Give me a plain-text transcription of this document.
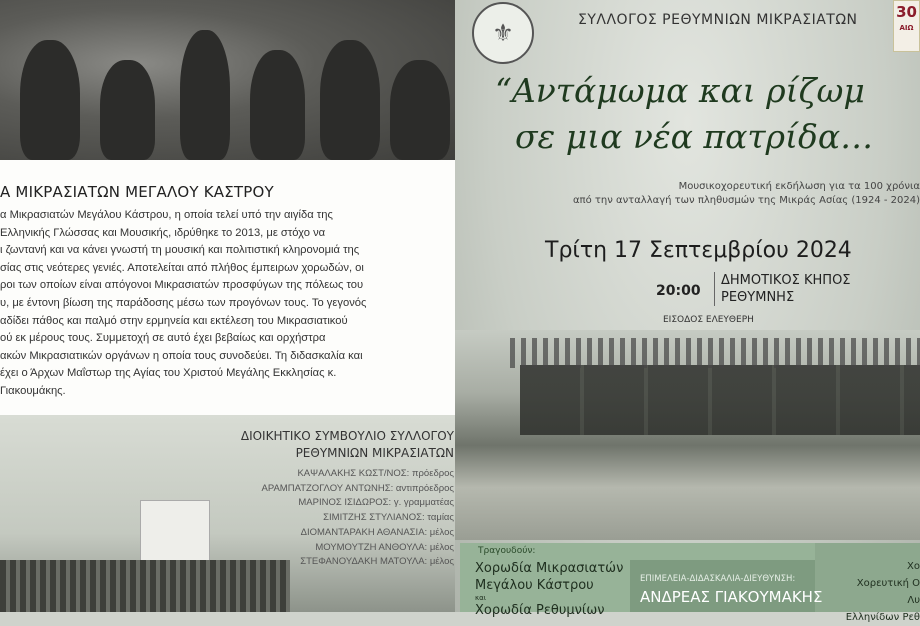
Α ΜΙΚΡΑΣΙΑΤΩΝ ΜΕΓΑΛΟΥ ΚΑΣΤΡΟΥ
α Μικρασιατών Μεγάλου Κάστρου, η οποία τελεί υπό την αιγίδα της
Ελληνικής Γλώσσας και Μουσικής, ιδρύθηκε το 2013, με στόχο να
ι ζωντανή και να κάνει γνωστή τη μουσική και πολιτιστική κληρονομιά της
σίας στις νεότερες γενιές. Αποτελείται από πλήθος έμπειρων χορωδών, οι
ροι των οποίων είναι απόγονοι Μικρασιατών προσφύγων της πόλεως του
υ, με έντονη βίωση της παράδοσης μέσω των προγόνων τους. Το γεγονός
αδίδει πάθος και παλμό στην ερμηνεία και εκτέλεση του Μικρασιατικού
ού εκ μέρους τους. Συμμετοχή σε αυτό έχει βεβαίως και ορχήστρα
ακών Μικρασιατικών οργάνων η οποία τους συνοδεύει. Τη διδασκαλία και
έχει ο Άρχων Μαΐστωρ της Αγίας του Χριστού Μεγάλης Εκκλησίας κ.
Γιακουμάκης.
ΔΙΟΙΚΗΤΙΚΟ ΣΥΜΒΟΥΛΙΟ ΣΥΛΛΟΓΟΥ
ΡΕΘΥΜΝΙΩΝ ΜΙΚΡΑΣΙΑΤΩΝ
ΚΑΨΑΛΑΚΗΣ ΚΩΣΤ/ΝΟΣ: πρόεδρος
ΑΡΑΜΠΑΤΖΟΓΛΟΥ ΑΝΤΩΝΗΣ: αντιπρόεδρος
ΜΑΡΙΝΟΣ ΙΣΙΔΩΡΟΣ: γ. γραμματέας
ΣΙΜΙΤΖΗΣ ΣΤΥΛΙΑΝΟΣ: ταμίας
ΔΙΟΜΑΝΤΑΡΑΚΗ ΑΘΑΝΑΣΙΑ: μέλος
ΜΟΥΜΟΥΤΖΗ ΑΝΘΟΥΛΑ: μέλος
ΣΤΕΦΑΝΟΥΔΑΚΗ ΜΑΤΟΥΛΑ: μέλος
⚜	ΣΥΛΛΟΓΟΣ ΡΕΘΥΜΝΙΩΝ ΜΙΚΡΑΣΙΑΤΩΝ	30
ΑΙΩ
“Αντάμωμα και ρίζωμ
σε μια νέα πατρίδα…
Μουσικοχορευτική εκδήλωση για τα 100 χρόνια
από την ανταλλαγή των πληθυσμών της Μικράς Ασίας (1924 - 2024)
Τρίτη 17 Σεπτεμβρίου 2024
20:00
ΔΗΜΟΤΙΚΟΣ ΚΗΠΟΣ
ΡΕΘΥΜΝΗΣ
ΕΙΣΟΔΟΣ ΕΛΕΥΘΕΡΗ
Τραγουδούν:
Χορωδία Μικρασιατών
Μεγάλου Κάστρου
και
Χορωδία Ρεθυμνίων
ΕΠΙΜΕΛΕΙΑ-ΔΙΔΑΣΚΑΛΙΑ-ΔΙΕΥΘΥΝΣΗ:
ΑΝΔΡΕΑΣ ΓΙΑΚΟΥΜΑΚΗΣ
Χο
Χορευτική Ο
Λυ
Ελληνίδων Ρεθ
